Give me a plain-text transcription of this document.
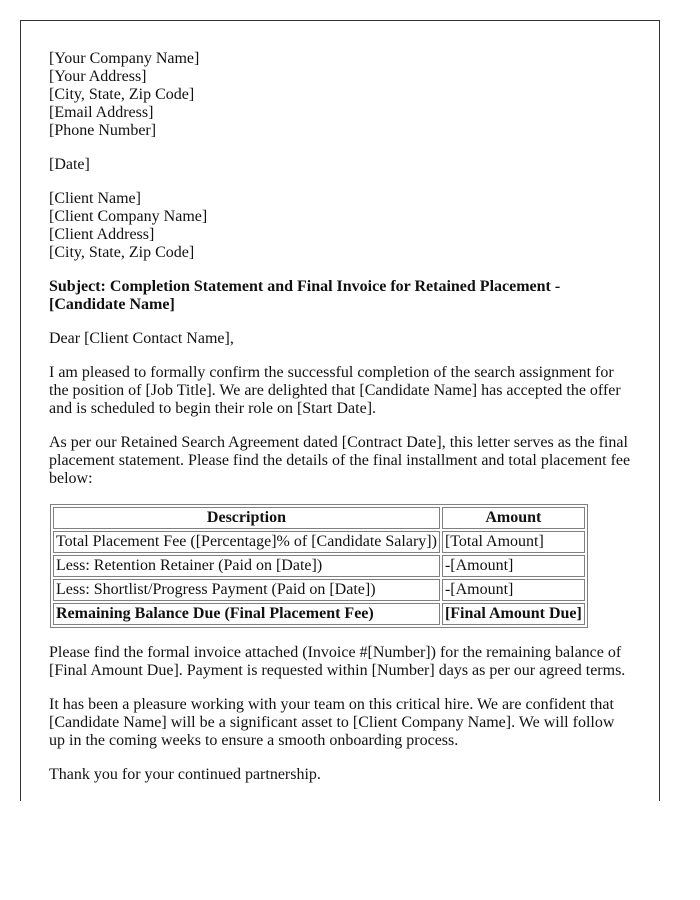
[Your Company Name]
[Your Address]
[City, State, Zip Code]
[Email Address]
[Phone Number]
[Date]
[Client Name]
[Client Company Name]
[Client Address]
[City, State, Zip Code]
Subject: Completion Statement and Final Invoice for Retained Placement -
[Candidate Name]
Dear [Client Contact Name],

I am pleased to formally confirm the successful completion of the search assignment for
the position of [Job Title]. We are delighted that [Candidate Name] has accepted the offer
and is scheduled to begin their role on [Start Date].

As per our Retained Search Agreement dated [Contract Date], this letter serves as the final
placement statement. Please find the details of the final installment and total placement fee
below:

Description	Amount
Total Placement Fee ([Percentage]% of [Candidate Salary])	[Total Amount]
Less: Retention Retainer (Paid on [Date])	-[Amount]
Less: Shortlist/Progress Payment (Paid on [Date])	-[Amount]
Remaining Balance Due (Final Placement Fee)	[Final Amount Due]

Please find the formal invoice attached (Invoice #[Number]) for the remaining balance of
[Final Amount Due]. Payment is requested within [Number] days as per our agreed terms.

It has been a pleasure working with your team on this critical hire. We are confident that
[Candidate Name] will be a significant asset to [Client Company Name]. We will follow
up in the coming weeks to ensure a smooth onboarding process.

Thank you for your continued partnership.
